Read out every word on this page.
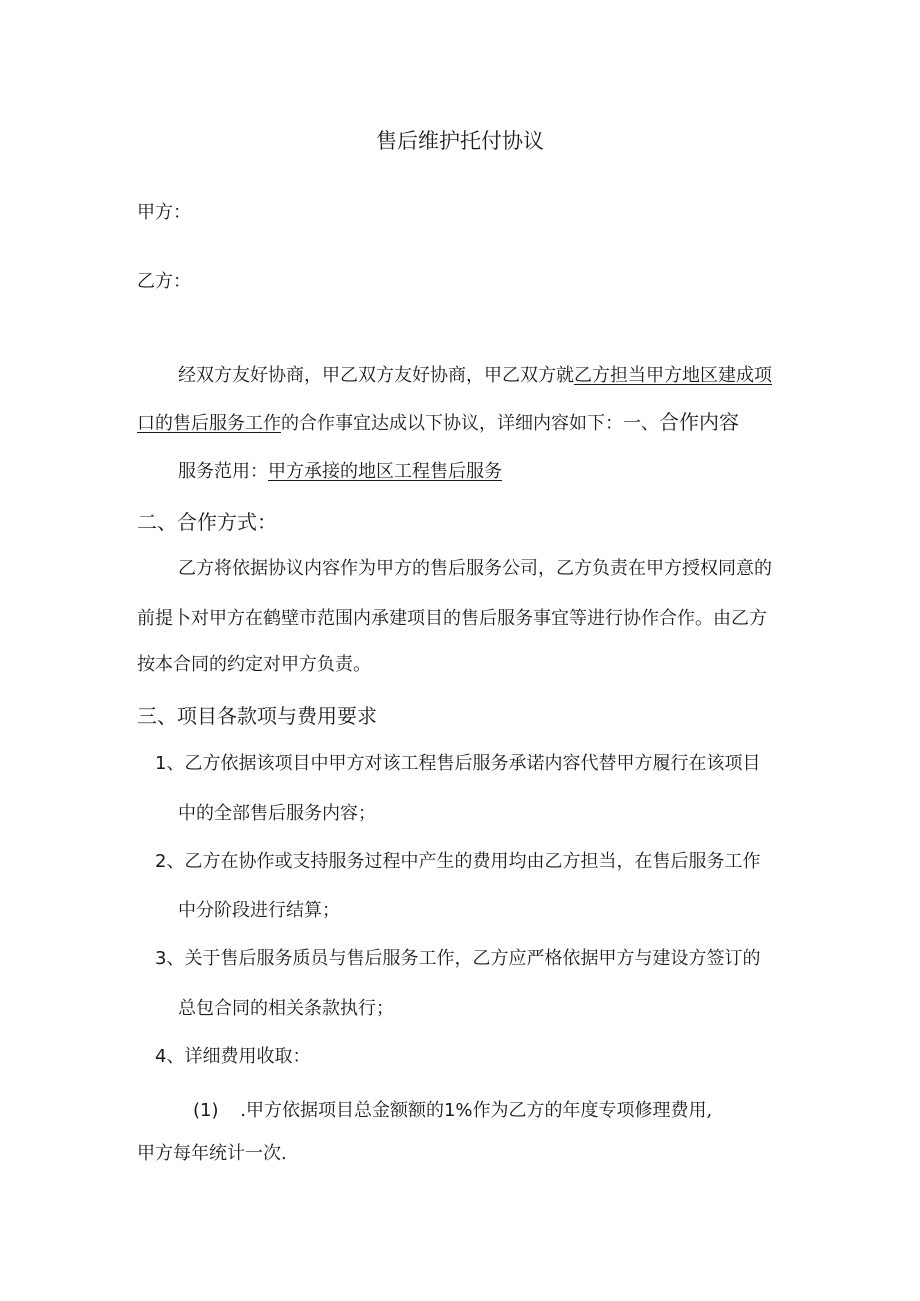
售后维护托付协议
甲方：
乙方：
经双方友好协商，甲乙双方友好协商，甲乙双方就乙方担当甲方地区建成项
口的售后服务工作的合作事宜达成以下协议，详细内容如下：一、合作内容
服务范用：甲方承接的地区工程售后服务
二、合作方式：
乙方将依据协议内容作为甲方的售后服务公司，乙方负责在甲方授权同意的
前提卜对甲方在鹤壁市范围内承建项目的售后服务事宜等进行协作合作。由乙方
按本合同的约定对甲方负责。
三、项目各款项与费用要求
1、乙方依据该项目中甲方对该工程售后服务承诺内容代替甲方履行在该项目
中的全部售后服务内容；
2、乙方在协作或支持服务过程中产生的费用均由乙方担当，在售后服务工作
中分阶段进行结算；
3、关于售后服务质员与售后服务工作，乙方应严格依据甲方与建设方签订的
总包合同的相关条款执行；
4、详细费用收取：
(1) .甲方依据项目总金额额的1%作为乙方的年度专项修理费用,
甲方每年统计一次.
